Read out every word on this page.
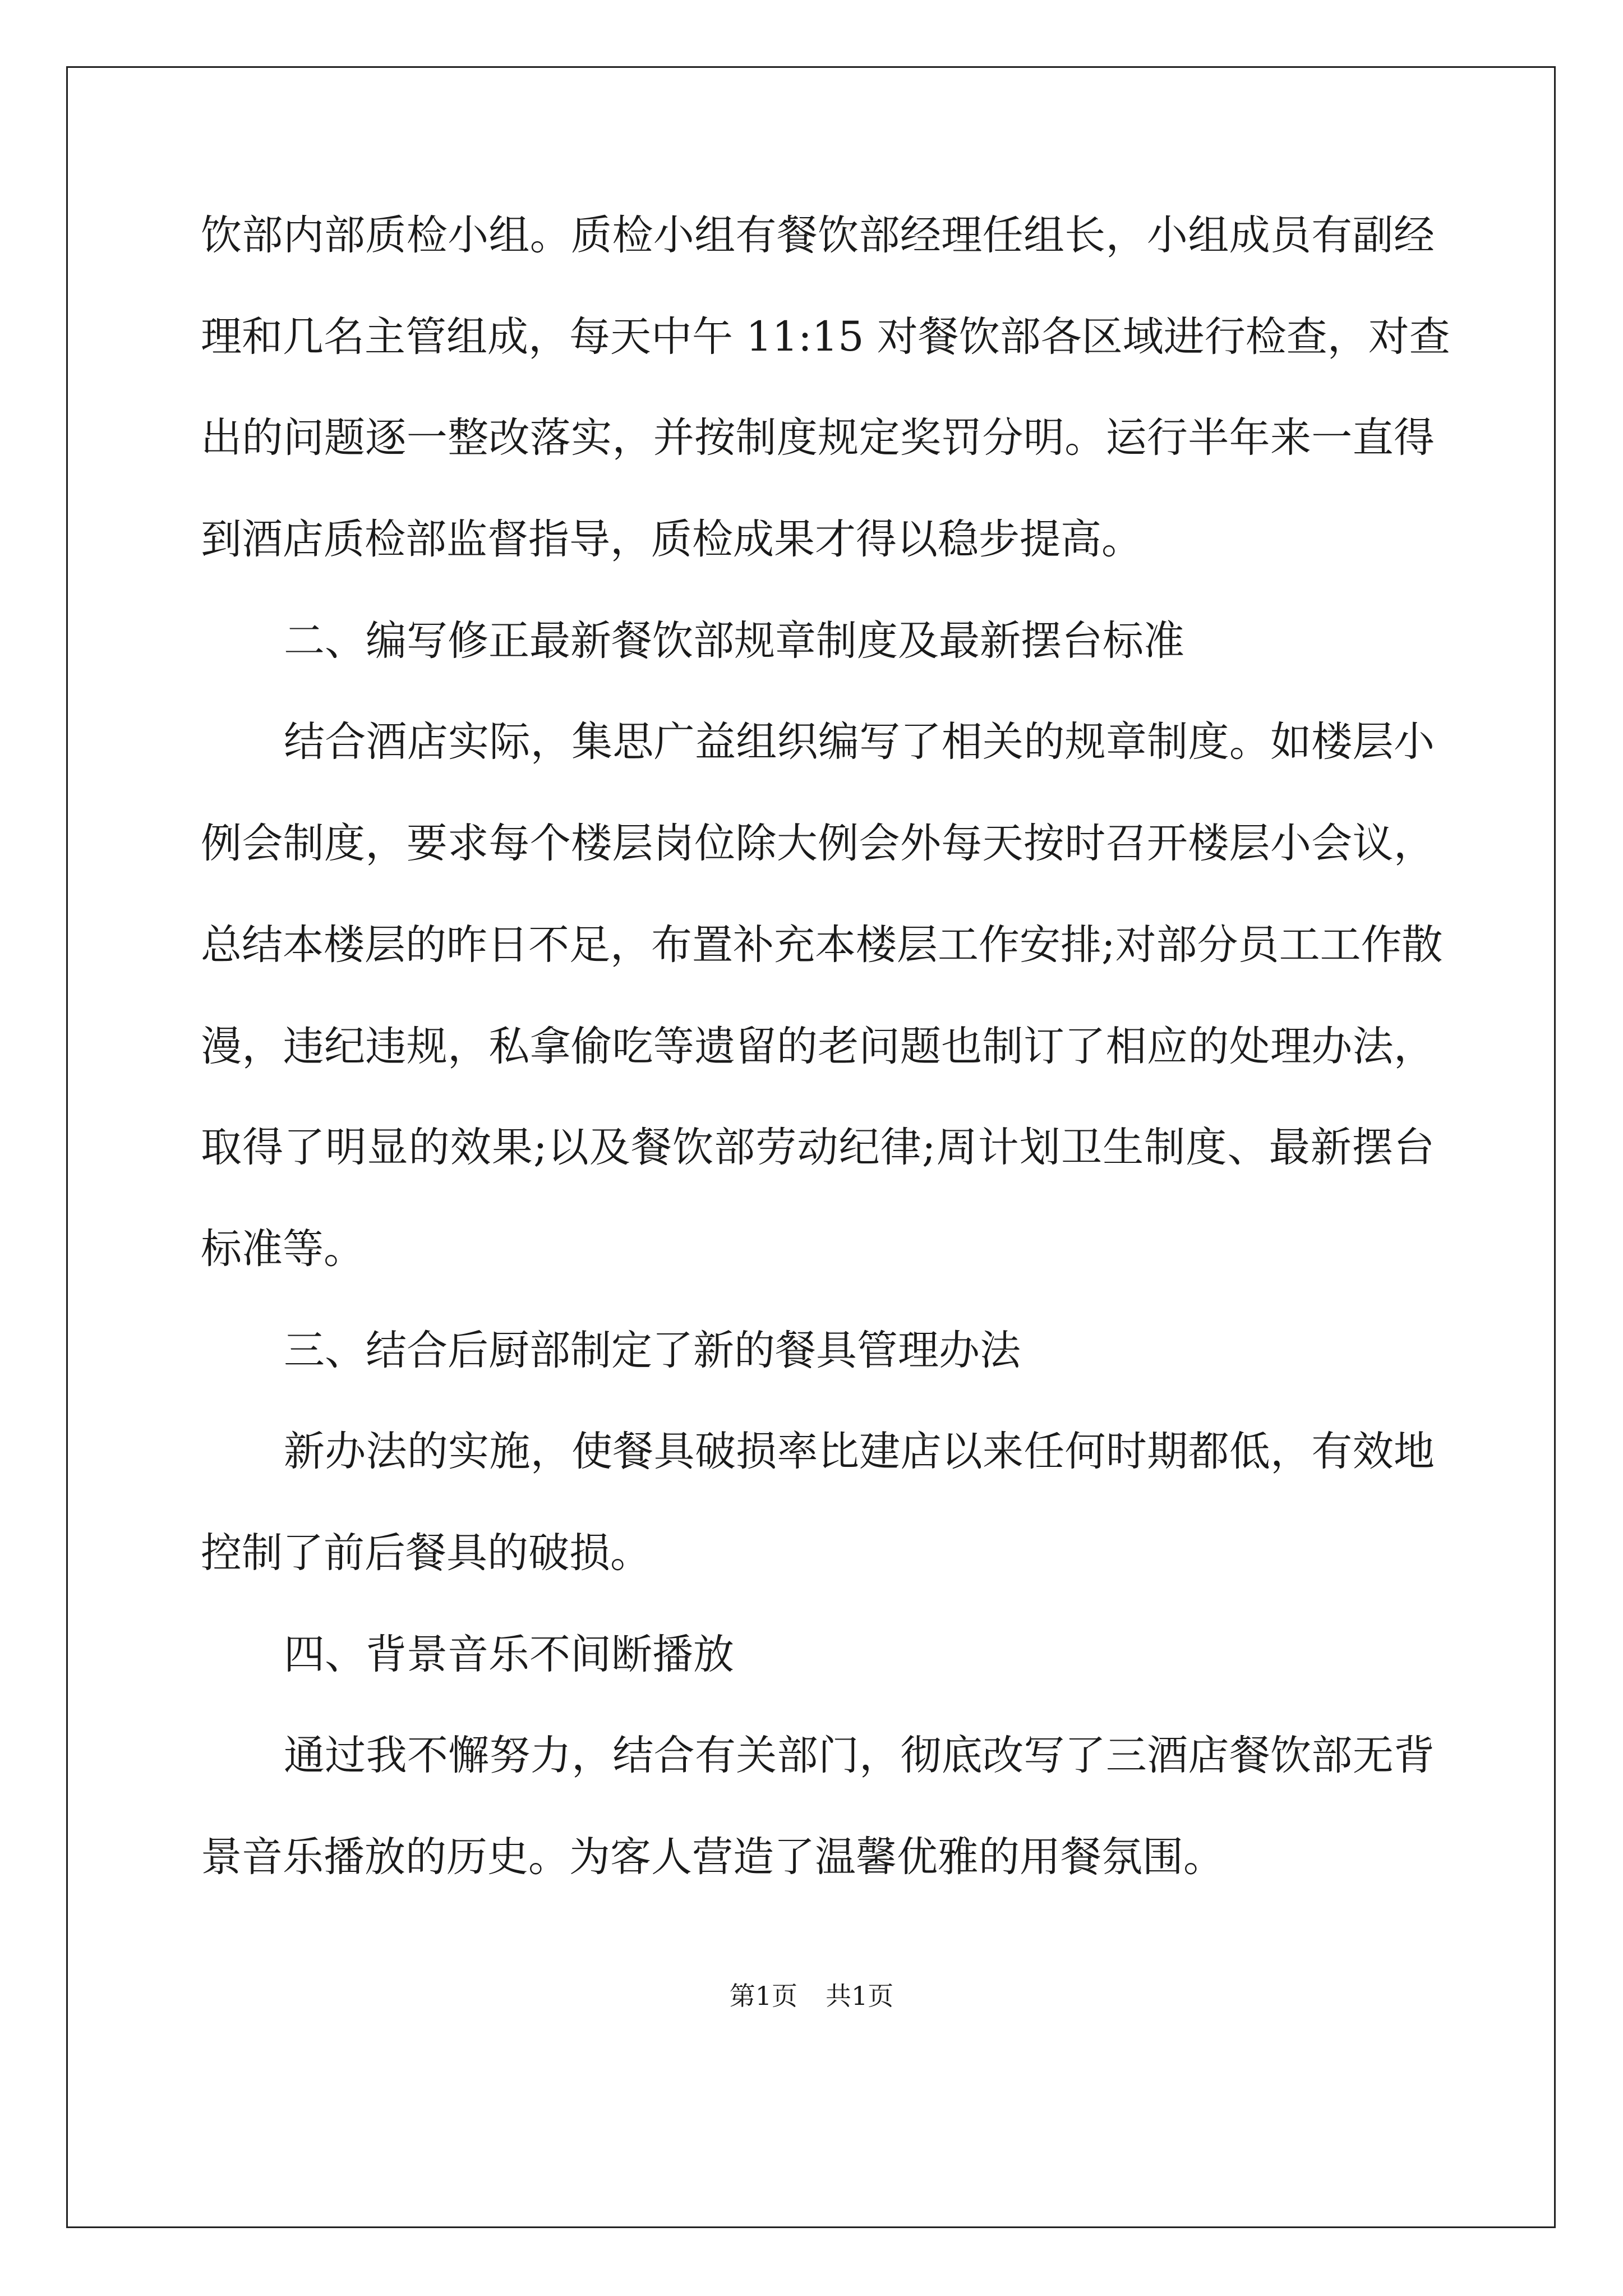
饮部内部质检小组。质检小组有餐饮部经理任组长，小组成员有副经

理和几名主管组成，每天中午 11:15 对餐饮部各区域进行检查，对查

出的问题逐一整改落实，并按制度规定奖罚分明。运行半年来一直得

到酒店质检部监督指导，质检成果才得以稳步提高。

二、编写修正最新餐饮部规章制度及最新摆台标准

结合酒店实际，集思广益组织编写了相关的规章制度。如楼层小

例会制度，要求每个楼层岗位除大例会外每天按时召开楼层小会议，

总结本楼层的昨日不足，布置补充本楼层工作安排;对部分员工工作散

漫，违纪违规，私拿偷吃等遗留的老问题也制订了相应的处理办法，

取得了明显的效果;以及餐饮部劳动纪律;周计划卫生制度、最新摆台

标准等。

三、结合后厨部制定了新的餐具管理办法

新办法的实施，使餐具破损率比建店以来任何时期都低，有效地

控制了前后餐具的破损。

四、背景音乐不间断播放

通过我不懈努力，结合有关部门，彻底改写了三酒店餐饮部无背

景音乐播放的历史。为客人营造了温馨优雅的用餐氛围。

第1页 共1页
